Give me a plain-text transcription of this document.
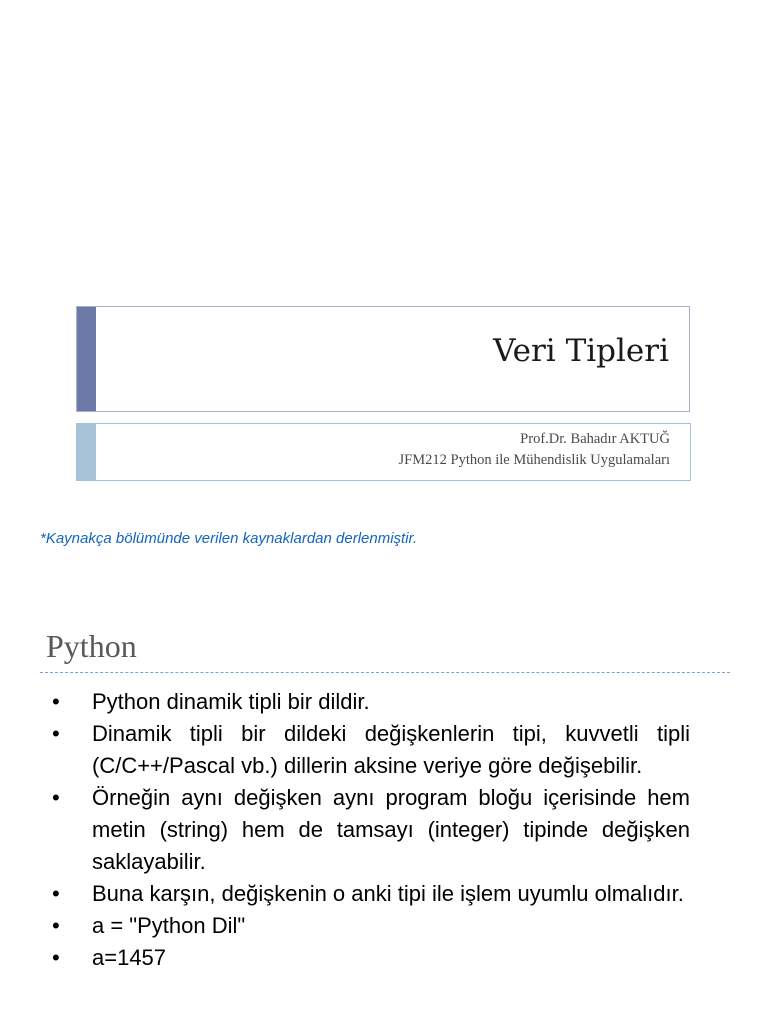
Veri Tipleri
Prof.Dr. Bahadır AKTUĞ
JFM212 Python ile Mühendislik Uygulamaları
*Kaynakça bölümünde verilen kaynaklardan derlenmiştir.
Python
• Python dinamik tipli bir dildir.
• Dinamik tipli bir dildeki değişkenlerin tipi, kuvvetli tipli (C/C++/Pascal vb.) dillerin aksine veriye göre değişebilir.
• Örneğin aynı değişken aynı program bloğu içerisinde hem metin (string) hem de tamsayı (integer) tipinde değişken saklayabilir.
• Buna karşın, değişkenin o anki tipi ile işlem uyumlu olmalıdır.
• a = "Python Dil"
• a=1457
